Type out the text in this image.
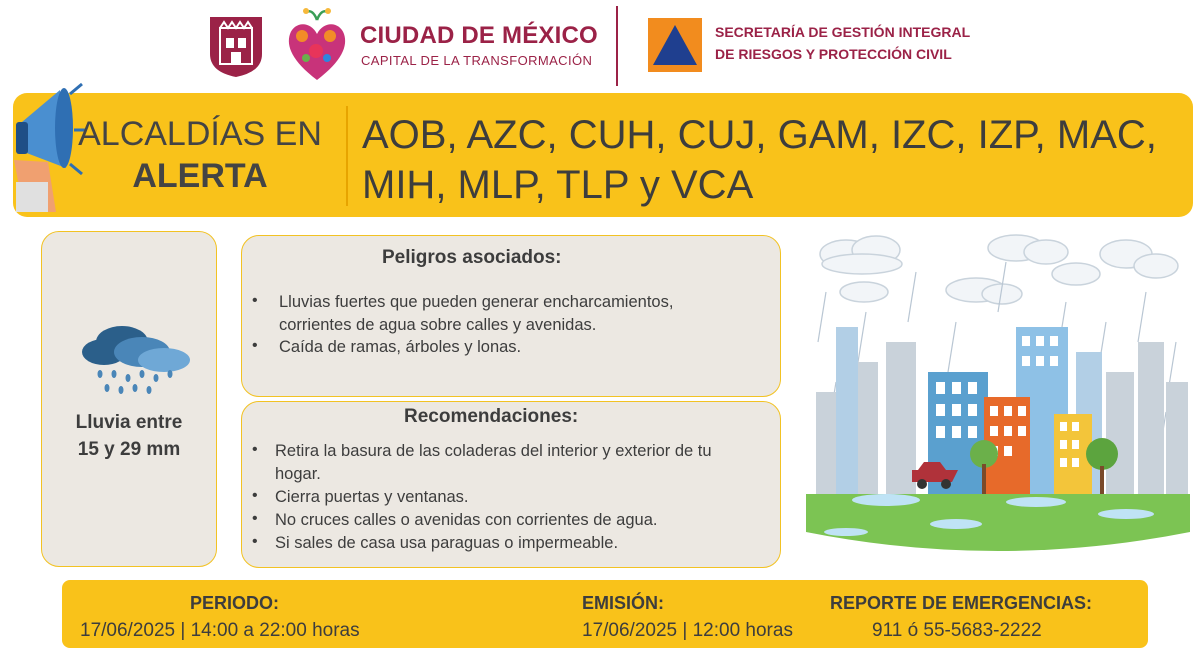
CIUDAD DE MÉXICO
CAPITAL DE LA TRANSFORMACIÓN
SECRETARÍA DE GESTIÓN INTEGRAL
DE RIESGOS Y PROTECCIÓN CIVIL
ALCALDÍAS EN
ALERTA
AOB, AZC, CUH, CUJ, GAM, IZC, IZP, MAC,
MIH, MLP, TLP y VCA
Lluvia entre
15 y 29 mm
Peligros asociados:
• Lluvias fuertes que pueden generar encharcamientos,
corrientes de agua sobre calles y avenidas.
• Caída de ramas, árboles y lonas.
Recomendaciones:
• Retira la basura de las coladeras del interior y exterior de tu
hogar.
• Cierra puertas y ventanas.
• No cruces calles o avenidas con corrientes de agua.
• Si sales de casa usa paraguas o impermeable.
PERIODO:
17/06/2025 | 14:00 a 22:00 horas
EMISIÓN:
17/06/2025 | 12:00 horas
REPORTE DE EMERGENCIAS:
911 ó 55-5683-2222
